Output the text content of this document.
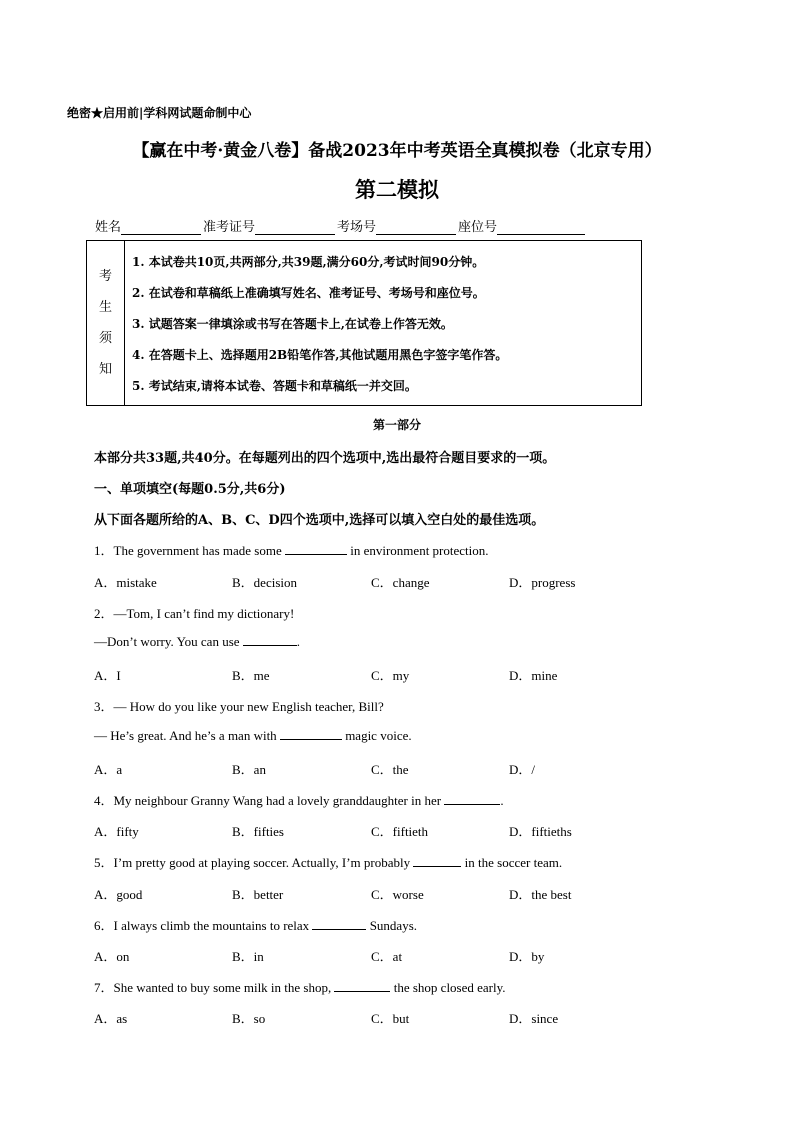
绝密★启用前|学科网试题命制中心
【赢在中考·黄金八卷】备战2023年中考英语全真模拟卷（北京专用）
第二模拟
姓名	准考证号	考场号	座位号
考
生
须
知
1. 本试卷共10页,共两部分,共39题,满分60分,考试时间90分钟。
2. 在试卷和草稿纸上准确填写姓名、准考证号、考场号和座位号。
3. 试题答案一律填涂或书写在答题卡上,在试卷上作答无效。
4. 在答题卡上、选择题用2B铅笔作答,其他试题用黑色字签字笔作答。
5. 考试结束,请将本试卷、答题卡和草稿纸一并交回。
第一部分
本部分共33题,共40分。在每题列出的四个选项中,选出最符合题目要求的一项。
一、单项填空(每题0.5分,共6分)
从下面各题所给的A、B、C、D四个选项中,选择可以填入空白处的最佳选项。
1．The government has made some	in environment protection.
A．mistake	B．decision	C．change	D．progress
2．—Tom, I can’t find my dictionary!
—Don’t worry. You can use	.
A．I	B．me	C．my	D．mine
3．— How do you like your new English teacher, Bill?
— He’s great. And he’s a man with	magic voice.
A．a	B．an	C．the	D．/
4．My neighbour Granny Wang had a lovely granddaughter in her	.
A．fifty	B．fifties	C．fiftieth	D．fiftieths
5．I’m pretty good at playing soccer. Actually, I’m probably	in the soccer team.
A．good	B．better	C．worse	D．the best
6．I always climb the mountains to relax	Sundays.
A．on	B．in	C．at	D．by
7．She wanted to buy some milk in the shop,	the shop closed early.
A．as	B．so	C．but	D．since
